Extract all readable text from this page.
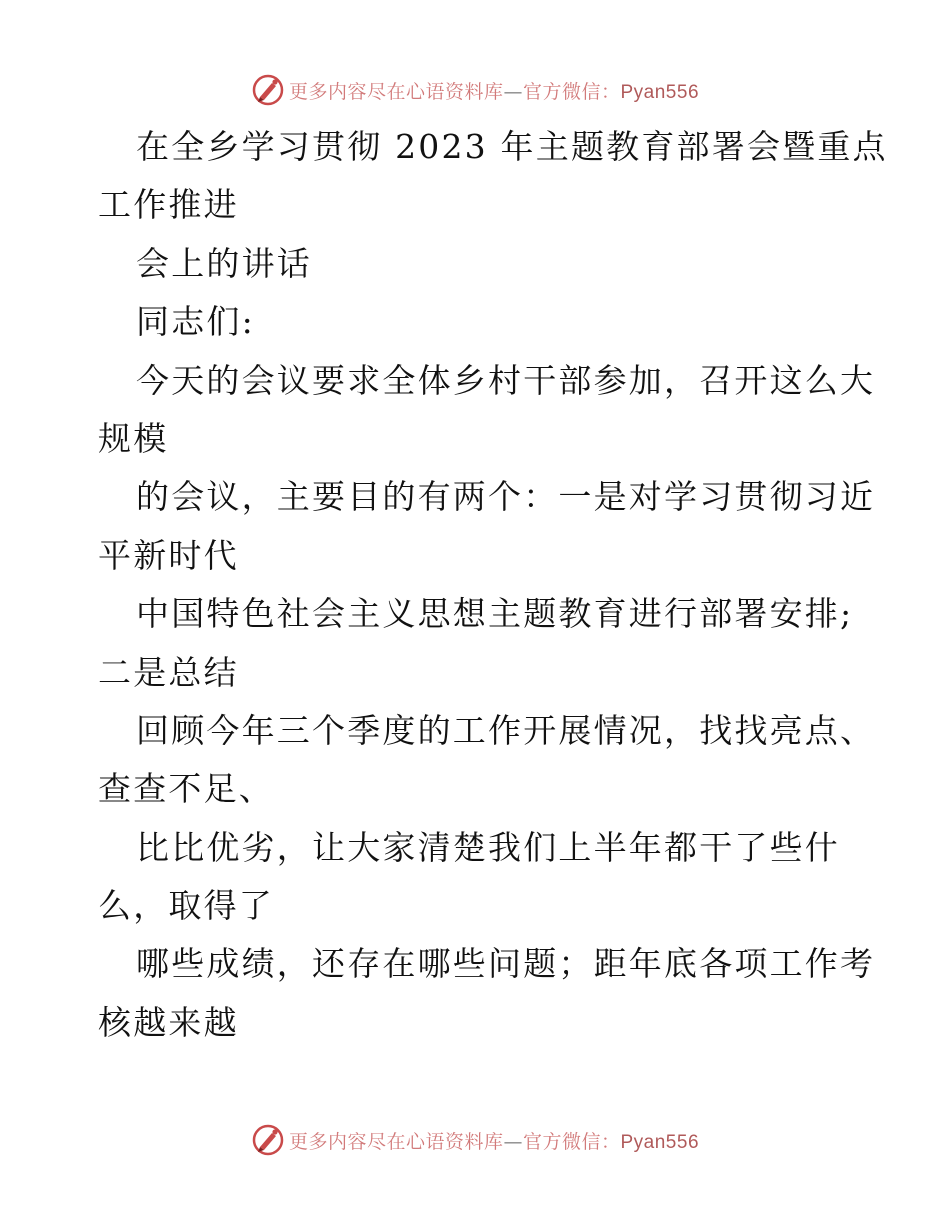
更多内容尽在心语资料库—官方微信：Pyan556
在全乡学习贯彻 2023 年主题教育部署会暨重点
工作推进
会上的讲话
同志们:
今天的会议要求全体乡村干部参加，召开这么大
规模
的会议，主要目的有两个：一是对学习贯彻习近
平新时代
中国特色社会主义思想主题教育进行部署安排;
二是总结
回顾今年三个季度的工作开展情况，找找亮点、
查查不足、
比比优劣，让大家清楚我们上半年都干了些什
么，取得了
哪些成绩，还存在哪些问题；距年底各项工作考
核越来越
更多内容尽在心语资料库—官方微信：Pyan556
